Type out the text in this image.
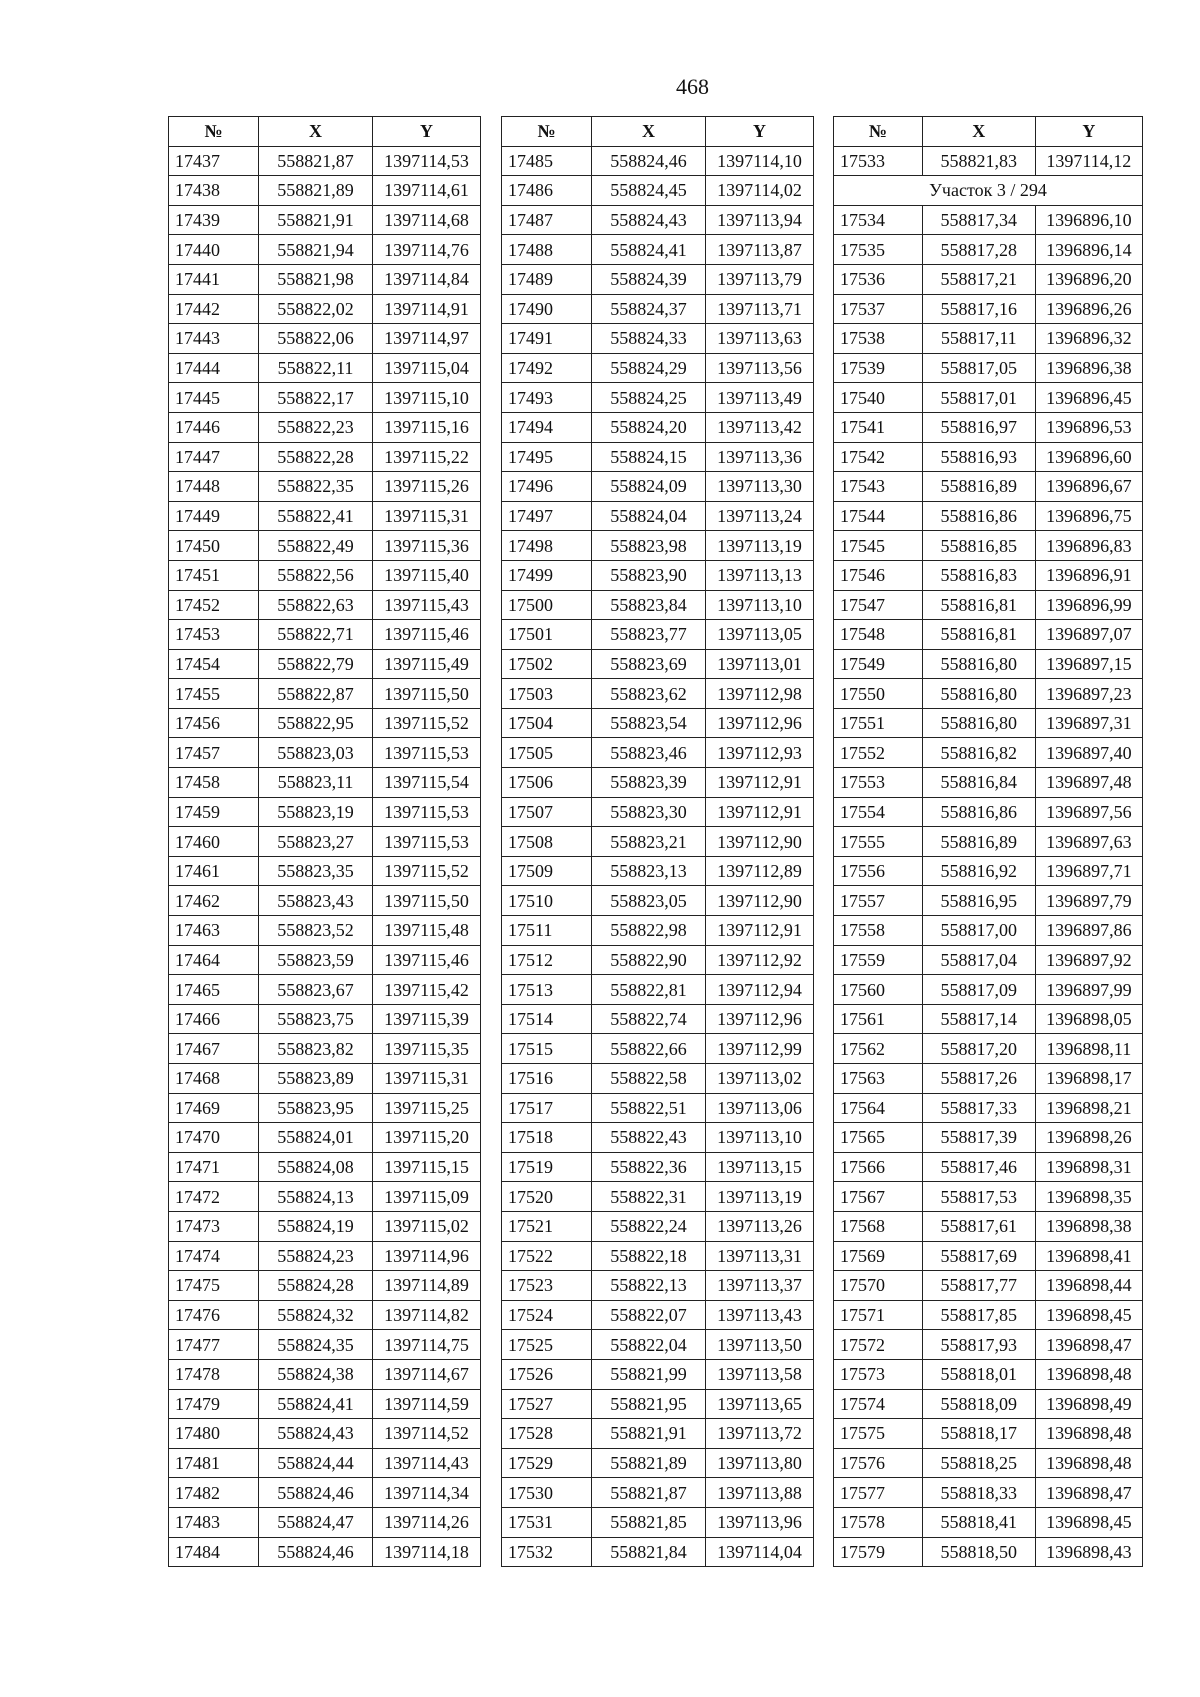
468
№	X	Y
17437	558821,87	1397114,53
17438	558821,89	1397114,61
17439	558821,91	1397114,68
17440	558821,94	1397114,76
17441	558821,98	1397114,84
17442	558822,02	1397114,91
17443	558822,06	1397114,97
17444	558822,11	1397115,04
17445	558822,17	1397115,10
17446	558822,23	1397115,16
17447	558822,28	1397115,22
17448	558822,35	1397115,26
17449	558822,41	1397115,31
17450	558822,49	1397115,36
17451	558822,56	1397115,40
17452	558822,63	1397115,43
17453	558822,71	1397115,46
17454	558822,79	1397115,49
17455	558822,87	1397115,50
17456	558822,95	1397115,52
17457	558823,03	1397115,53
17458	558823,11	1397115,54
17459	558823,19	1397115,53
17460	558823,27	1397115,53
17461	558823,35	1397115,52
17462	558823,43	1397115,50
17463	558823,52	1397115,48
17464	558823,59	1397115,46
17465	558823,67	1397115,42
17466	558823,75	1397115,39
17467	558823,82	1397115,35
17468	558823,89	1397115,31
17469	558823,95	1397115,25
17470	558824,01	1397115,20
17471	558824,08	1397115,15
17472	558824,13	1397115,09
17473	558824,19	1397115,02
17474	558824,23	1397114,96
17475	558824,28	1397114,89
17476	558824,32	1397114,82
17477	558824,35	1397114,75
17478	558824,38	1397114,67
17479	558824,41	1397114,59
17480	558824,43	1397114,52
17481	558824,44	1397114,43
17482	558824,46	1397114,34
17483	558824,47	1397114,26
17484	558824,46	1397114,18
№	X	Y
17485	558824,46	1397114,10
17486	558824,45	1397114,02
17487	558824,43	1397113,94
17488	558824,41	1397113,87
17489	558824,39	1397113,79
17490	558824,37	1397113,71
17491	558824,33	1397113,63
17492	558824,29	1397113,56
17493	558824,25	1397113,49
17494	558824,20	1397113,42
17495	558824,15	1397113,36
17496	558824,09	1397113,30
17497	558824,04	1397113,24
17498	558823,98	1397113,19
17499	558823,90	1397113,13
17500	558823,84	1397113,10
17501	558823,77	1397113,05
17502	558823,69	1397113,01
17503	558823,62	1397112,98
17504	558823,54	1397112,96
17505	558823,46	1397112,93
17506	558823,39	1397112,91
17507	558823,30	1397112,91
17508	558823,21	1397112,90
17509	558823,13	1397112,89
17510	558823,05	1397112,90
17511	558822,98	1397112,91
17512	558822,90	1397112,92
17513	558822,81	1397112,94
17514	558822,74	1397112,96
17515	558822,66	1397112,99
17516	558822,58	1397113,02
17517	558822,51	1397113,06
17518	558822,43	1397113,10
17519	558822,36	1397113,15
17520	558822,31	1397113,19
17521	558822,24	1397113,26
17522	558822,18	1397113,31
17523	558822,13	1397113,37
17524	558822,07	1397113,43
17525	558822,04	1397113,50
17526	558821,99	1397113,58
17527	558821,95	1397113,65
17528	558821,91	1397113,72
17529	558821,89	1397113,80
17530	558821,87	1397113,88
17531	558821,85	1397113,96
17532	558821,84	1397114,04
№	X	Y
17533	558821,83	1397114,12
Участок 3 / 294		
17534	558817,34	1396896,10
17535	558817,28	1396896,14
17536	558817,21	1396896,20
17537	558817,16	1396896,26
17538	558817,11	1396896,32
17539	558817,05	1396896,38
17540	558817,01	1396896,45
17541	558816,97	1396896,53
17542	558816,93	1396896,60
17543	558816,89	1396896,67
17544	558816,86	1396896,75
17545	558816,85	1396896,83
17546	558816,83	1396896,91
17547	558816,81	1396896,99
17548	558816,81	1396897,07
17549	558816,80	1396897,15
17550	558816,80	1396897,23
17551	558816,80	1396897,31
17552	558816,82	1396897,40
17553	558816,84	1396897,48
17554	558816,86	1396897,56
17555	558816,89	1396897,63
17556	558816,92	1396897,71
17557	558816,95	1396897,79
17558	558817,00	1396897,86
17559	558817,04	1396897,92
17560	558817,09	1396897,99
17561	558817,14	1396898,05
17562	558817,20	1396898,11
17563	558817,26	1396898,17
17564	558817,33	1396898,21
17565	558817,39	1396898,26
17566	558817,46	1396898,31
17567	558817,53	1396898,35
17568	558817,61	1396898,38
17569	558817,69	1396898,41
17570	558817,77	1396898,44
17571	558817,85	1396898,45
17572	558817,93	1396898,47
17573	558818,01	1396898,48
17574	558818,09	1396898,49
17575	558818,17	1396898,48
17576	558818,25	1396898,48
17577	558818,33	1396898,47
17578	558818,41	1396898,45
17579	558818,50	1396898,43
